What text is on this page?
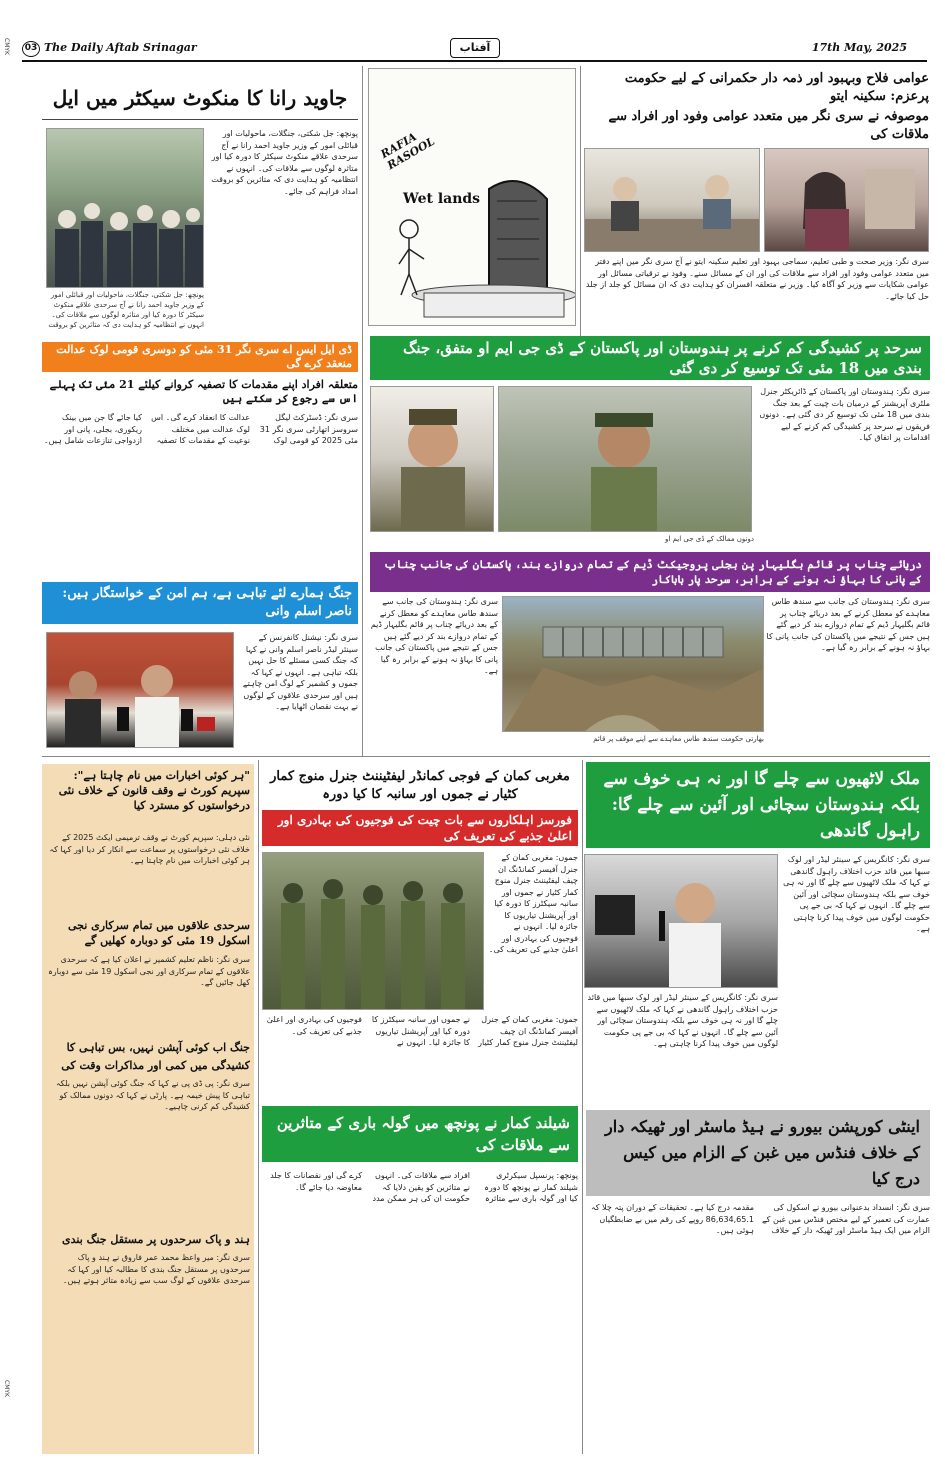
03 The Daily Aftab Srinagar	آفتاب	17th May, 2025
CMYK
CMYK
جاوید رانا کا منکوٹ سیکٹر میں ایل
پونچھ: جل شکتی، جنگلات، ماحولیات اور قبائلی امور کے وزیر جاوید احمد رانا نے آج سرحدی علاقے منکوٹ سیکٹر کا دورہ کیا اور متاثرہ لوگوں سے ملاقات کی۔ انہوں نے انتظامیہ کو ہدایت دی کہ متاثرین کو بروقت امداد فراہم کی جائے۔
پونچھ: جل شکتی، جنگلات، ماحولیات اور قبائلی امور کے وزیر جاوید احمد رانا نے آج سرحدی علاقے منکوٹ سیکٹر کا دورہ کیا اور متاثرہ لوگوں سے ملاقات کی۔ انہوں نے انتظامیہ کو ہدایت دی کہ متاثرین کو بروقت
RAFIA RASOOL
Wet lands
عوامی فلاح وبہبود اور ذمہ دار حکمرانی کے لیے حکومت پرعزم: سکینہ ایتو
موصوفہ نے سری نگر میں متعدد عوامی وفود اور افراد سے ملاقات کی
سری نگر: وزیر صحت و طبی تعلیم، سماجی بہبود اور تعلیم سکینہ ایتو نے آج سری نگر میں اپنے دفتر میں متعدد عوامی وفود اور افراد سے ملاقات کی اور ان کے مسائل سنے۔ وفود نے ترقیاتی مسائل اور عوامی شکایات سے وزیر کو آگاہ کیا۔ وزیر نے متعلقہ افسران کو ہدایت دی کہ ان مسائل کو جلد از جلد حل کیا جائے۔
سرحد پر کشیدگی کم کرنے پر ہندوستان اور پاکستان کے ڈی جی ایم او متفق، جنگ بندی میں 18 مئی تک توسیع کر دی گئی
سری نگر: ہندوستان اور پاکستان کے ڈائریکٹر جنرل ملٹری آپریشنز کے درمیان بات چیت کے بعد جنگ بندی میں 18 مئی تک توسیع کر دی گئی ہے۔ دونوں فریقوں نے سرحد پر کشیدگی کم کرنے کے لیے اقدامات پر اتفاق کیا۔
دونوں ممالک کے ڈی جی ایم او
ڈی ایل ایس اے سری نگر 31 مئی کو دوسری قومی لوک عدالت منعقد کرے گی
متعلقہ افراد اپنے مقدمات کا تصفیہ کروانے کیلئے 21 مئی تک پہلے اس سے رجوع کر سکتے ہیں
سری نگر: ڈسٹرکٹ لیگل سروسز اتھارٹی سری نگر 31 مئی 2025 کو قومی لوک عدالت کا انعقاد کرے گی۔ اس لوک عدالت میں مختلف نوعیت کے مقدمات کا تصفیہ کیا جائے گا جن میں بینک ریکوری، بجلی، پانی اور ازدواجی تنازعات شامل ہیں۔
دریائے چناب پر قائم بگلیہار پن بجلی پروجیکٹ ڈیم کے تمام دروازے بند، پاکستان کی جانب چناب کے پانی کا بہاؤ نہ ہونے کے برابر، سرحد پار ہاہاکار
سری نگر: ہندوستان کی جانب سے سندھ طاس معاہدے کو معطل کرنے کے بعد دریائے چناب پر قائم بگلیہار ڈیم کے تمام دروازے بند کر دیے گئے ہیں جس کے نتیجے میں پاکستان کی جانب پانی کا بہاؤ نہ ہونے کے برابر رہ گیا ہے۔
سری نگر: ہندوستان کی جانب سے سندھ طاس معاہدے کو معطل کرنے کے بعد دریائے چناب پر قائم بگلیہار ڈیم کے تمام دروازے بند کر دیے گئے ہیں جس کے نتیجے میں پاکستان کی جانب پانی کا بہاؤ نہ ہونے کے برابر رہ گیا ہے۔
بھارتی حکومت سندھ طاس معاہدے سے اپنے موقف پر قائم
جنگ ہمارے لئے تباہی ہے، ہم امن کے خواستگار ہیں: ناصر اسلم وانی
سری نگر: نیشنل کانفرنس کے سینئر لیڈر ناصر اسلم وانی نے کہا کہ جنگ کسی مسئلے کا حل نہیں بلکہ تباہی ہے۔ انہوں نے کہا کہ جموں و کشمیر کے لوگ امن چاہتے ہیں اور سرحدی علاقوں کے لوگوں نے بہت نقصان اٹھایا ہے۔
ملک لاٹھیوں سے چلے گا اور نہ ہی خوف سے بلکہ ہندوستان سچائی اور آئین سے چلے گا: راہول گاندھی
سری نگر: کانگریس کے سینئر لیڈر اور لوک سبھا میں قائد حزب اختلاف راہول گاندھی نے کہا کہ ملک لاٹھیوں سے چلے گا اور نہ ہی خوف سے بلکہ ہندوستان سچائی اور آئین سے چلے گا۔ انہوں نے کہا کہ بی جے پی حکومت لوگوں میں خوف پیدا کرنا چاہتی ہے۔
سری نگر: کانگریس کے سینئر لیڈر اور لوک سبھا میں قائد حزب اختلاف راہول گاندھی نے کہا کہ ملک لاٹھیوں سے چلے گا اور نہ ہی خوف سے بلکہ ہندوستان سچائی اور آئین سے چلے گا۔ انہوں نے کہا کہ بی جے پی حکومت لوگوں میں خوف پیدا کرنا چاہتی ہے۔
مغربی کمان کے فوجی کمانڈر لیفٹیننٹ جنرل منوج کمار کٹیار نے جموں اور سانبہ کا کیا دورہ
فورسز اہلکاروں سے بات چیت کی فوجیوں کی بہادری اور اعلیٰ جذبے کی تعریف کی
جموں: مغربی کمان کے جنرل آفیسر کمانڈنگ ان چیف لیفٹیننٹ جنرل منوج کمار کٹیار نے جموں اور سانبہ سیکٹرز کا دورہ کیا اور آپریشنل تیاریوں کا جائزہ لیا۔ انہوں نے فوجیوں کی بہادری اور اعلیٰ جذبے کی تعریف کی۔
جموں: مغربی کمان کے جنرل آفیسر کمانڈنگ ان چیف لیفٹیننٹ جنرل منوج کمار کٹیار نے جموں اور سانبہ سیکٹرز کا دورہ کیا اور آپریشنل تیاریوں کا جائزہ لیا۔ انہوں نے فوجیوں کی بہادری اور اعلیٰ جذبے کی تعریف کی۔
شیلند کمار نے پونچھ میں گولہ باری کے متاثرین سے ملاقات کی
پونچھ: پرنسپل سیکرٹری شیلند کمار نے پونچھ کا دورہ کیا اور گولہ باری سے متاثرہ افراد سے ملاقات کی۔ انہوں نے متاثرین کو یقین دلایا کہ حکومت ان کی ہر ممکن مدد کرے گی اور نقصانات کا جلد معاوضہ دیا جائے گا۔
اینٹی کورپشن بیورو نے ہیڈ ماسٹر اور ٹھیکہ دار کے خلاف فنڈس میں غبن کے الزام میں کیس درج کیا
سری نگر: انسداد بدعنوانی بیورو نے اسکول کی عمارت کی تعمیر کے لیے مختص فنڈس میں غبن کے الزام میں ایک ہیڈ ماسٹر اور ٹھیکہ دار کے خلاف مقدمہ درج کیا ہے۔ تحقیقات کے دوران پتہ چلا کہ 86,634,65.1 روپے کی رقم میں بے ضابطگیاں ہوئی ہیں۔
"ہر کوئی اخبارات میں نام چاہتا ہے": سپریم کورٹ نے وقف قانون کے خلاف نئی درخواستوں کو مسترد کیا
نئی دہلی: سپریم کورٹ نے وقف ترمیمی ایکٹ 2025 کے خلاف نئی درخواستوں پر سماعت سے انکار کر دیا اور کہا کہ ہر کوئی اخبارات میں نام چاہتا ہے۔
سرحدی علاقوں میں تمام سرکاری نجی اسکول 19 مئی کو دوبارہ کھلیں گے
سری نگر: ناظم تعلیم کشمیر نے اعلان کیا ہے کہ سرحدی علاقوں کے تمام سرکاری اور نجی اسکول 19 مئی سے دوبارہ کھل جائیں گے۔
جنگ اب کوئی آپشن نہیں، بس تباہی کا
کشیدگی میں کمی اور مذاکرات وقت کی
سری نگر: پی ڈی پی نے کہا کہ جنگ کوئی آپشن نہیں بلکہ تباہی کا پیش خیمہ ہے۔ پارٹی نے کہا کہ دونوں ممالک کو کشیدگی کم کرنی چاہیے۔
ہند و پاک سرحدوں پر مستقل جنگ بندی
سری نگر: میر واعظ محمد عمر فاروق نے ہند و پاک سرحدوں پر مستقل جنگ بندی کا مطالبہ کیا اور کہا کہ سرحدی علاقوں کے لوگ سب سے زیادہ متاثر ہوتے ہیں۔
